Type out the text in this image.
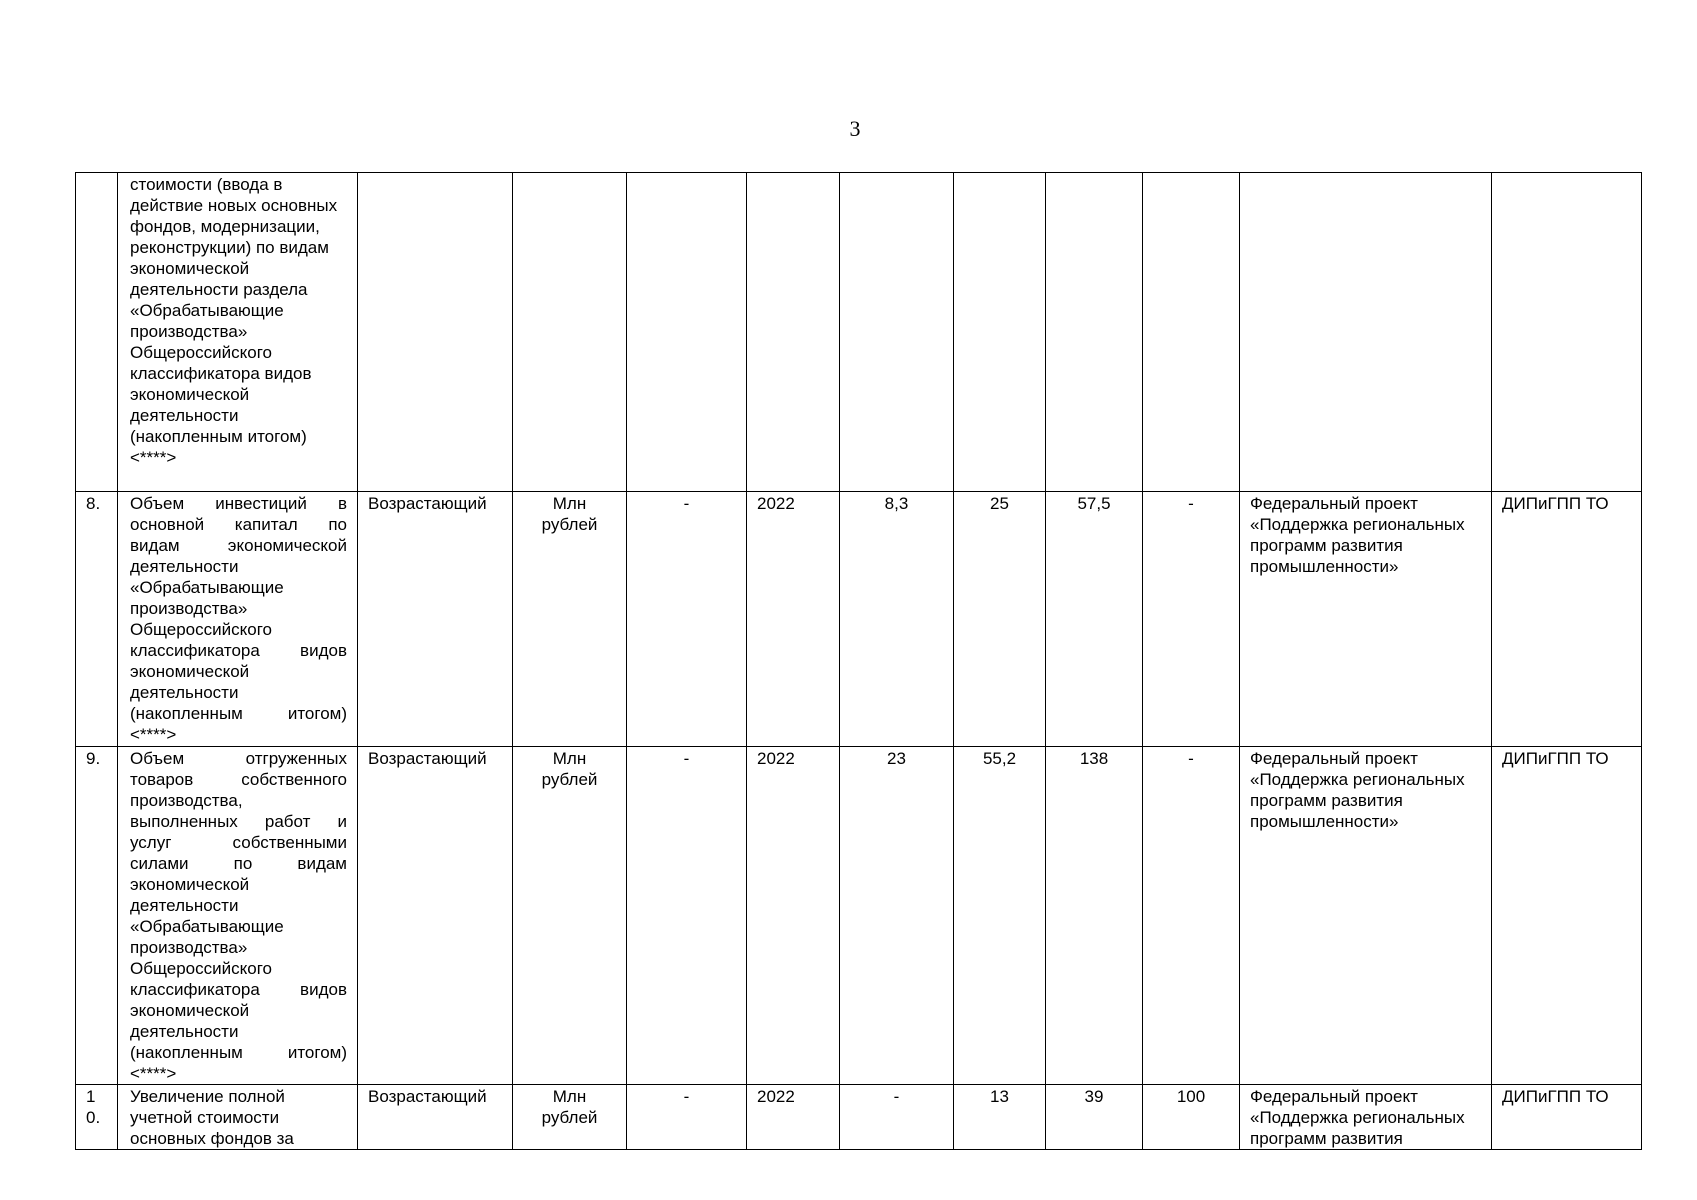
3
	стоимости (ввода в действие новых основных фондов, модернизации, реконструкции) по видам экономической деятельности раздела «Обрабатывающие производства» Общероссийского классификатора видов экономической деятельности (накопленным итогом) <****>										
8.	Объем инвестиций в основной капитал по видам экономической деятельности «Обрабатывающие производства» Общероссийского классификатора видов экономической деятельности (накопленным итогом) <****>	Возрастающий	Млн рублей	-	2022	8,3	25	57,5	-	Федеральный проект «Поддержка региональных программ развития промышленности»	ДИПиГПП ТО
9.	Объем отгруженных товаров собственного производства, выполненных работ и услуг собственными силами по видам экономической деятельности «Обрабатывающие производства» Общероссийского классификатора видов экономической деятельности (накопленным итогом) <****>	Возрастающий	Млн рублей	-	2022	23	55,2	138	-	Федеральный проект «Поддержка региональных программ развития промышленности»	ДИПиГПП ТО
10.	Увеличение полной учетной стоимости основных фондов за	Возрастающий	Млн рублей	-	2022	-	13	39	100	Федеральный проект «Поддержка региональных программ развития	ДИПиГПП ТО
